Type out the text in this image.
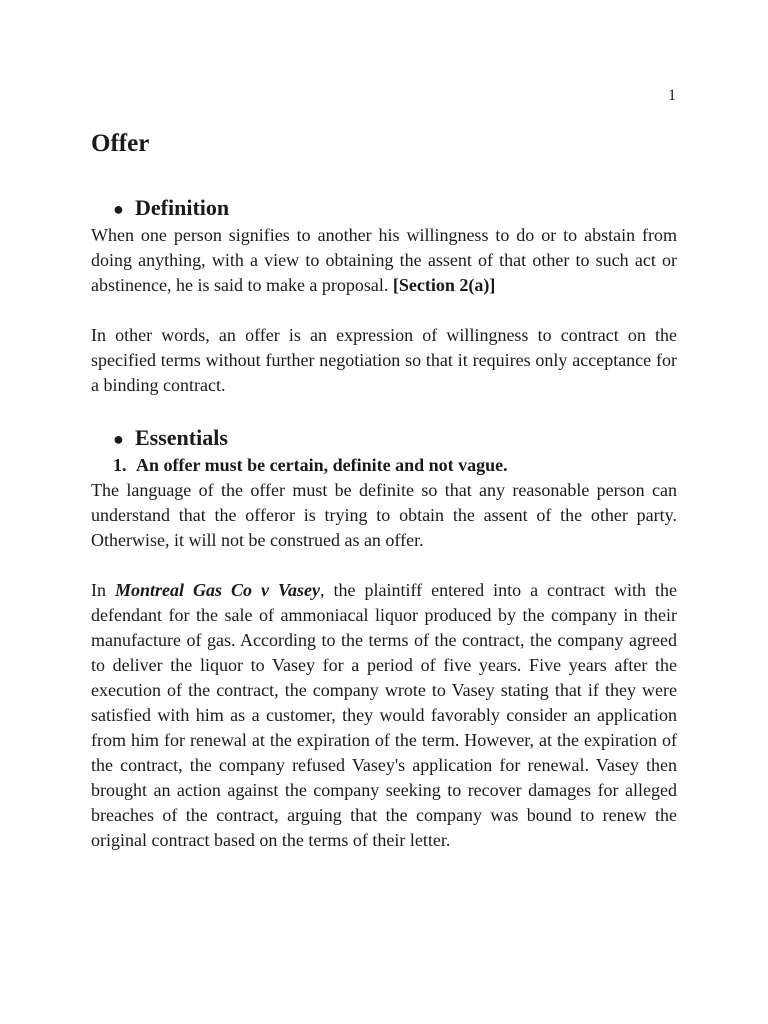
1
Offer
● Definition

When one person signifies to another his willingness to do or to abstain from doing anything, with a view to obtaining the assent of that other to such act or abstinence, he is said to make a proposal. [Section 2(a)]

In other words, an offer is an expression of willingness to contract on the specified terms without further negotiation so that it requires only acceptance for a binding contract.

● Essentials

1. An offer must be certain, definite and not vague.

The language of the offer must be definite so that any reasonable person can understand that the offeror is trying to obtain the assent of the other party. Otherwise, it will not be construed as an offer.

In Montreal Gas Co v Vasey, the plaintiff entered into a contract with the defendant for the sale of ammoniacal liquor produced by the company in their manufacture of gas. According to the terms of the contract, the company agreed to deliver the liquor to Vasey for a period of five years. Five years after the execution of the contract, the company wrote to Vasey stating that if they were satisfied with him as a customer, they would favorably consider an application from him for renewal at the expiration of the term. However, at the expiration of the contract, the company refused Vasey's application for renewal. Vasey then brought an action against the company seeking to recover damages for alleged breaches of the contract, arguing that the company was bound to renew the original contract based on the terms of their letter.
